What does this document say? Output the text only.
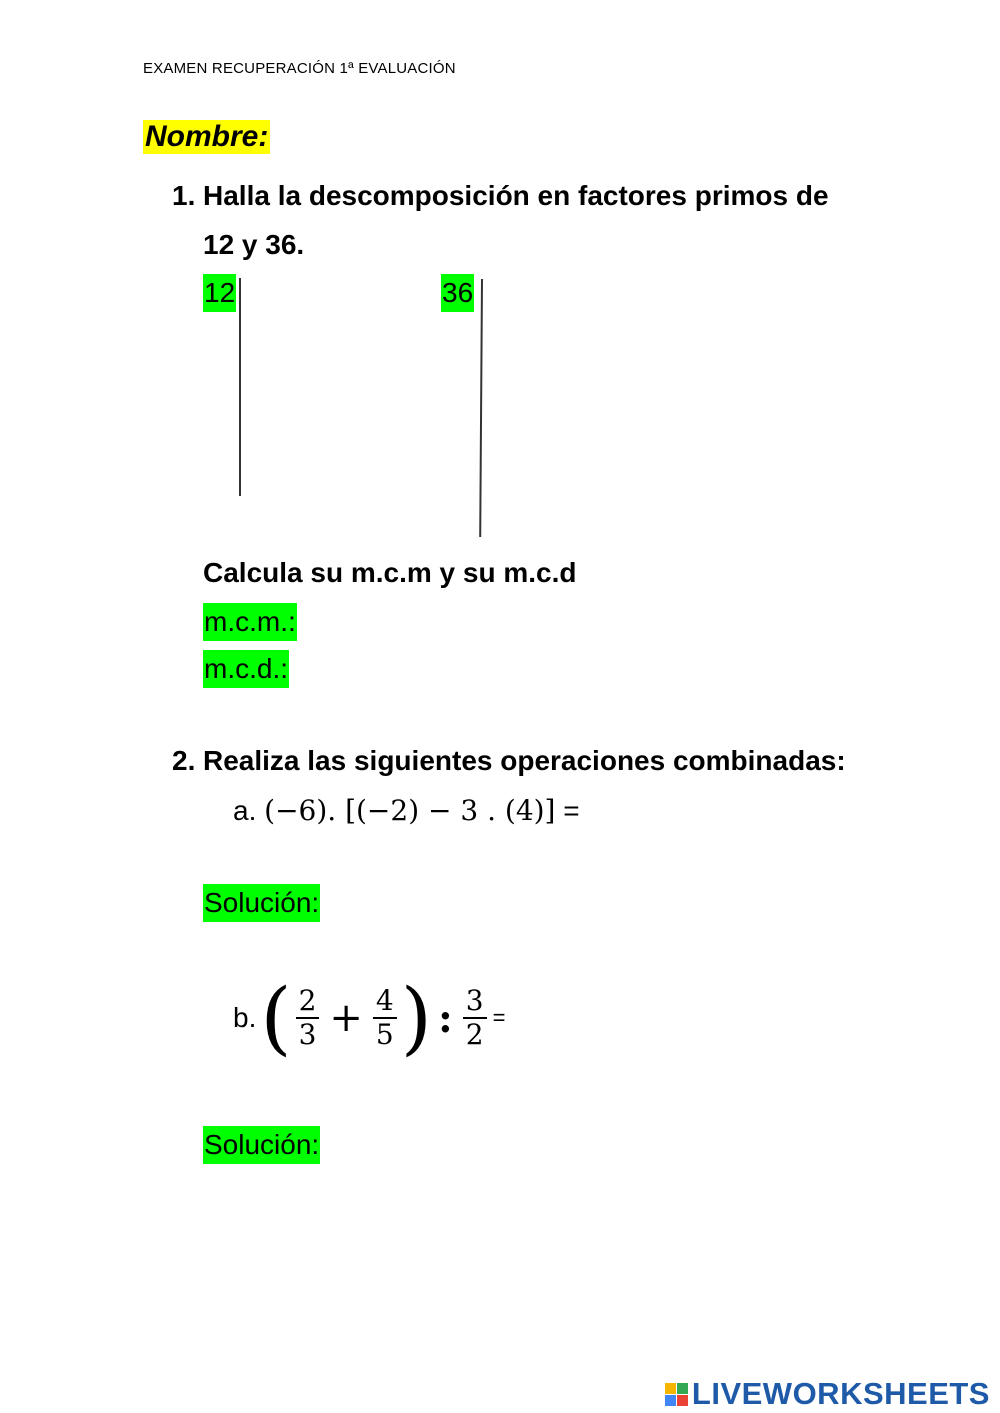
EXAMEN RECUPERACIÓN 1ª EVALUACIÓN
Nombre:
1. Halla la descomposición en factores primos de
12 y 36.
12	36
Calcula su m.c.m y su m.c.d
m.c.m.:
m.c.d.:
2. Realiza las siguientes operaciones combinadas:
a. (−6). [(−2) − 3 . (4)] =
Solución:
b. ( $\frac{2}{3} + \frac{4}{5}$ ) : $\frac{3}{2}$ =
Solución:
LIVEWORKSHEETS
